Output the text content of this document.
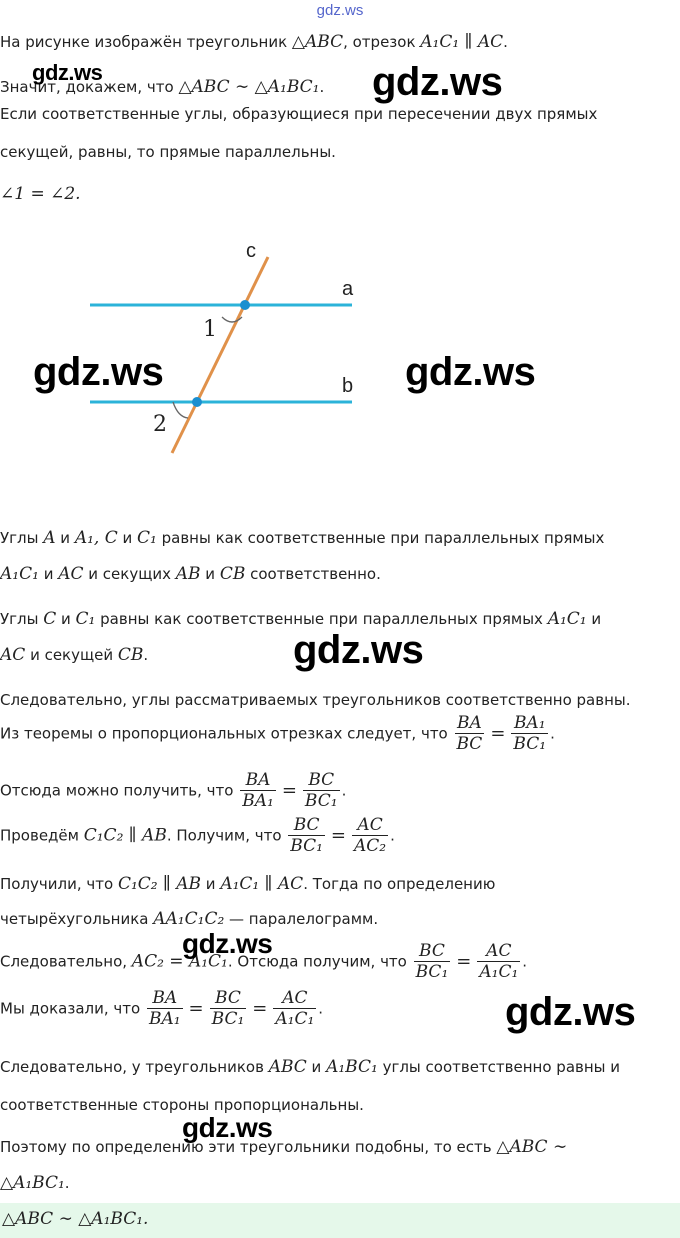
gdz.ws
На рисунке изображён треугольник △ABC, отрезок A₁C₁ ∥ AC.
Значит, докажем, что △ABC ∼ △A₁BC₁.
Если соответственные углы, образующиеся при пересечении двух прямых
секущей, равны, то прямые параллельны.
∠1 = ∠2.
c
a
b
1
2
Углы A и A₁, C и C₁ равны как соответственные при параллельных прямых
A₁C₁ и AC и секущих AB и CB соответственно.
Углы C и C₁ равны как соответственные при параллельных прямых A₁C₁ и
AC и секущей CB.
Следовательно, углы рассматриваемых треугольников соответственно равны.
Из теоремы о пропорциональных отрезках следует, что $\frac{BA}{BC} = \frac{\text{BA₁}}{\text{BC₁}}$ .
Отсюда можно получить, что $\frac{BA}{\text{BA₁}} = \frac{BC}{\text{BC₁}}$ .
Проведём C₁C₂ ∥ AB. Получим, что $\frac{BC}{\text{BC₁}} = \frac{AC}{\text{AC₂}}$ .
Получили, что C₁C₂ ∥ AB и A₁C₁ ∥ AC. Тогда по определению
четырёхугольника AA₁C₁C₂ — паралелограмм.
Следовательно, AC₂ = A₁C₁. Отсюда получим, что $\frac{BC}{\text{BC₁}} = \frac{AC}{\text{A₁C₁}}$ .
Мы доказали, что $\frac{BA}{\text{BA₁}} = \frac{BC}{\text{BC₁}} = \frac{AC}{\text{A₁C₁}}$ .
Следовательно, у треугольников ABC и A₁BC₁ углы соответственно равны и
соответственные стороны пропорциональны.
Поэтому по определению эти треугольники подобны, то есть △ABC ∼
△A₁BC₁.
△ABC ∼ △A₁BC₁.
gdz.ws	gdz.ws
gdz.ws	gdz.ws
gdz.ws
gdz.ws
gdz.ws
gdz.ws
